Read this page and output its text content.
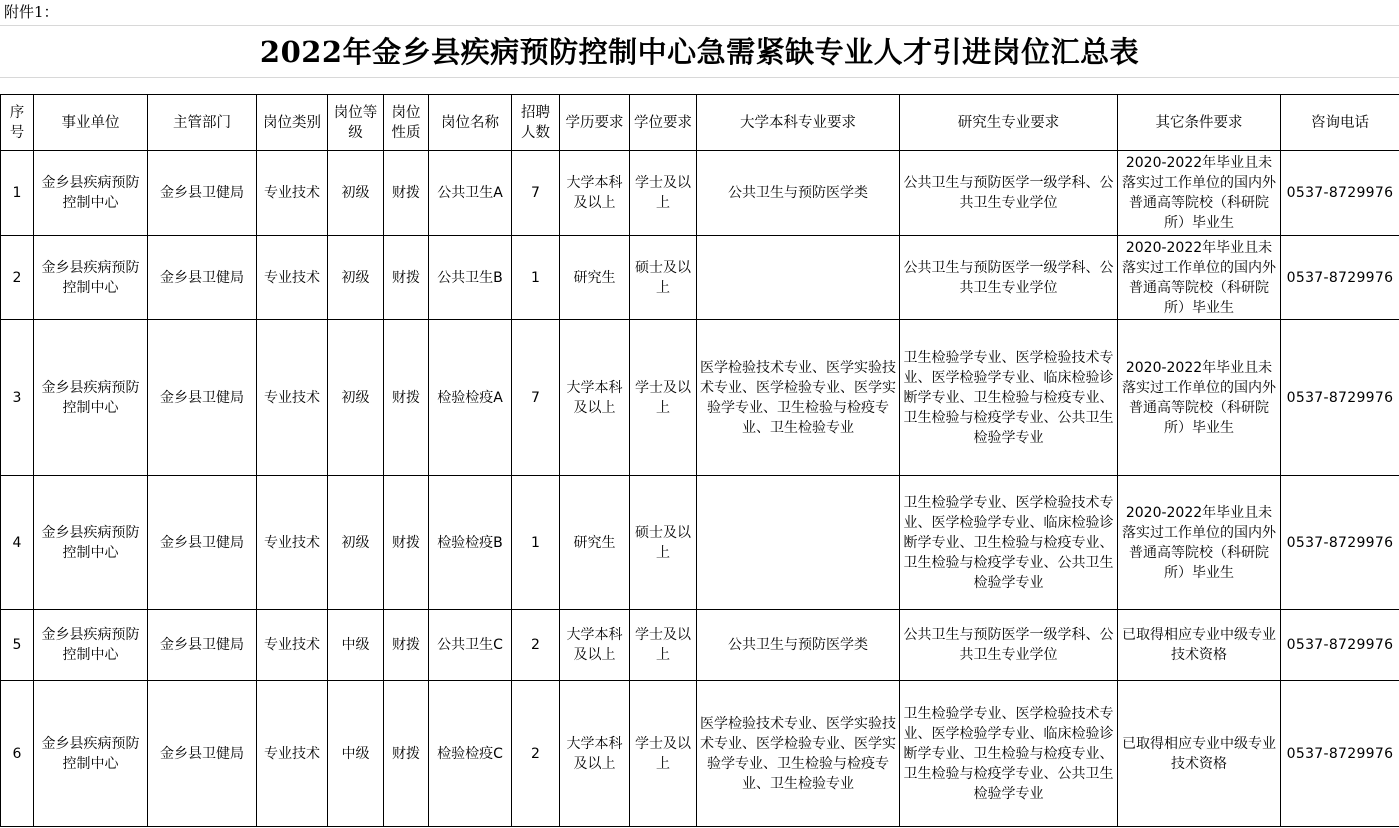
附件1：
2022年金乡县疾病预防控制中心急需紧缺专业人才引进岗位汇总表
序号	事业单位	主管部门	岗位类别	岗位等级	岗位性质	岗位名称	招聘人数	学历要求	学位要求	大学本科专业要求	研究生专业要求	其它条件要求	咨询电话
1	金乡县疾病预防控制中心	金乡县卫健局	专业技术	初级	财拨	公共卫生A	7	大学本科及以上	学士及以上	公共卫生与预防医学类	公共卫生与预防医学一级学科、公共卫生专业学位	2020-2022年毕业且未落实过工作单位的国内外普通高等院校（科研院所）毕业生	0537-8729976
2	金乡县疾病预防控制中心	金乡县卫健局	专业技术	初级	财拨	公共卫生B	1	研究生	硕士及以上		公共卫生与预防医学一级学科、公共卫生专业学位	2020-2022年毕业且未落实过工作单位的国内外普通高等院校（科研院所）毕业生	0537-8729976
3	金乡县疾病预防控制中心	金乡县卫健局	专业技术	初级	财拨	检验检疫A	7	大学本科及以上	学士及以上	医学检验技术专业、医学实验技术专业、医学检验专业、医学实验学专业、卫生检验与检疫专业、卫生检验专业	卫生检验学专业、医学检验技术专业、医学检验学专业、临床检验诊断学专业、卫生检验与检疫专业、卫生检验与检疫学专业、公共卫生检验学专业	2020-2022年毕业且未落实过工作单位的国内外普通高等院校（科研院所）毕业生	0537-8729976
4	金乡县疾病预防控制中心	金乡县卫健局	专业技术	初级	财拨	检验检疫B	1	研究生	硕士及以上		卫生检验学专业、医学检验技术专业、医学检验学专业、临床检验诊断学专业、卫生检验与检疫专业、卫生检验与检疫学专业、公共卫生检验学专业	2020-2022年毕业且未落实过工作单位的国内外普通高等院校（科研院所）毕业生	0537-8729976
5	金乡县疾病预防控制中心	金乡县卫健局	专业技术	中级	财拨	公共卫生C	2	大学本科及以上	学士及以上	公共卫生与预防医学类	公共卫生与预防医学一级学科、公共卫生专业学位	已取得相应专业中级专业技术资格	0537-8729976
6	金乡县疾病预防控制中心	金乡县卫健局	专业技术	中级	财拨	检验检疫C	2	大学本科及以上	学士及以上	医学检验技术专业、医学实验技术专业、医学检验专业、医学实验学专业、卫生检验与检疫专业、卫生检验专业	卫生检验学专业、医学检验技术专业、医学检验学专业、临床检验诊断学专业、卫生检验与检疫专业、卫生检验与检疫学专业、公共卫生检验学专业	已取得相应专业中级专业技术资格	0537-8729976
